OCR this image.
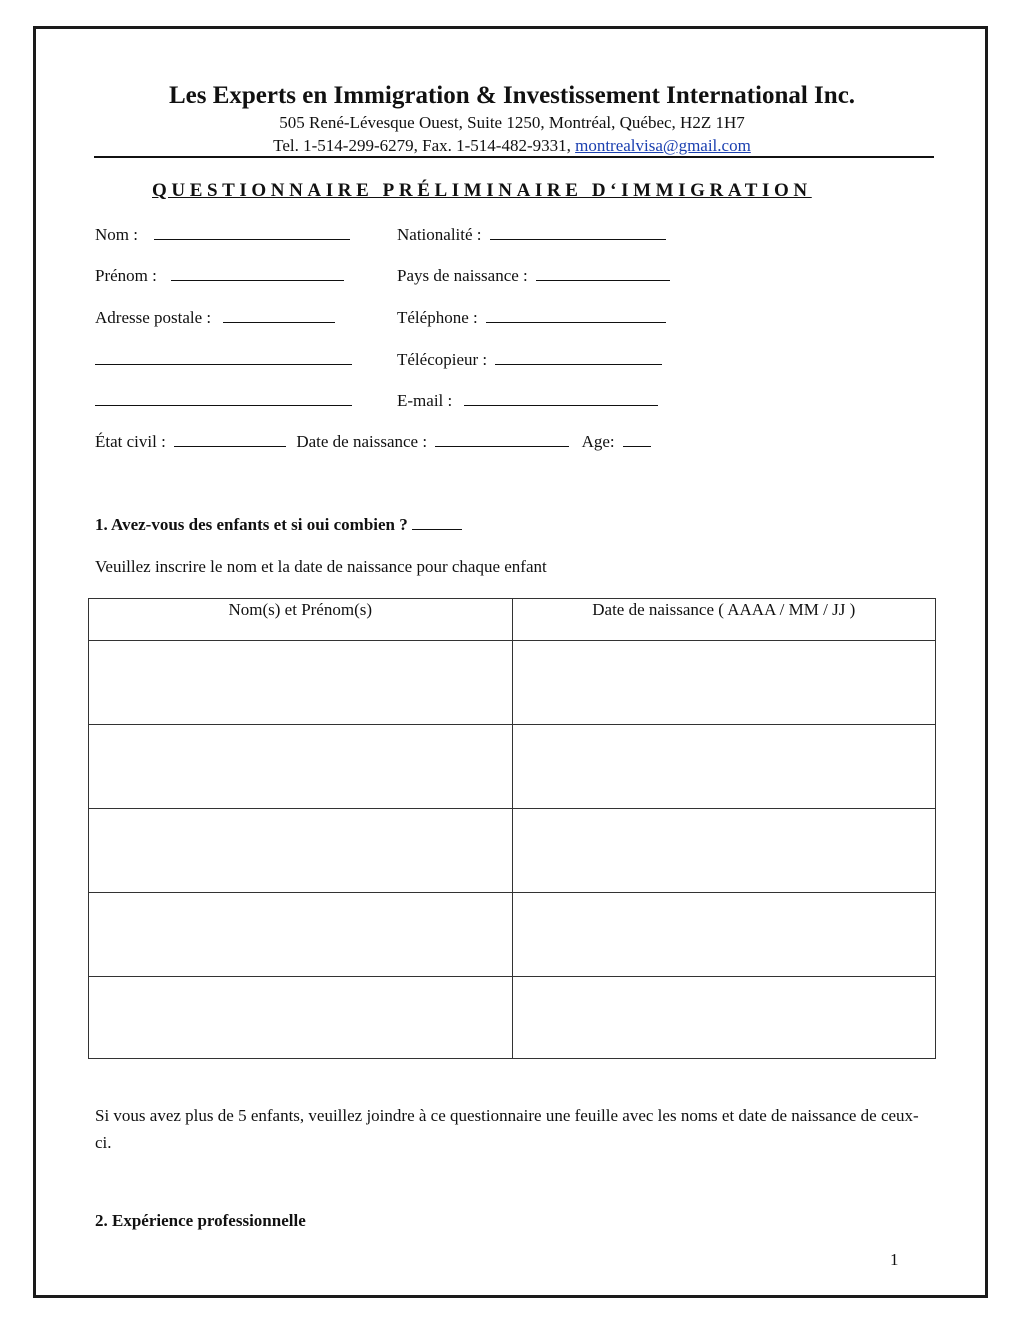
Les Experts en Immigration & Investissement International Inc.
505 René-Lévesque Ouest, Suite 1250, Montréal, Québec, H2Z 1H7
Tel. 1-514-299-6279, Fax. 1-514-482-9331, montrealvisa@gmail.com
QUESTIONNAIRE PRÉLIMINAIRE D‘IMMIGRATION
Nom :	Nationalité :
Prénom :	Pays de naissance :
Adresse postale :	Téléphone :
Télécopieur :
E-mail :
État civil :	Date de naissance :	Age:
1. Avez-vous des enfants et si oui combien ?
Veuillez inscrire le nom et la date de naissance pour chaque enfant
Nom(s) et Prénom(s)	Date de naissance ( AAAA / MM / JJ )

Si vous avez plus de 5 enfants, veuillez joindre à ce questionnaire une feuille avec les noms et date de naissance de ceux-ci.
2. Expérience professionnelle
1
